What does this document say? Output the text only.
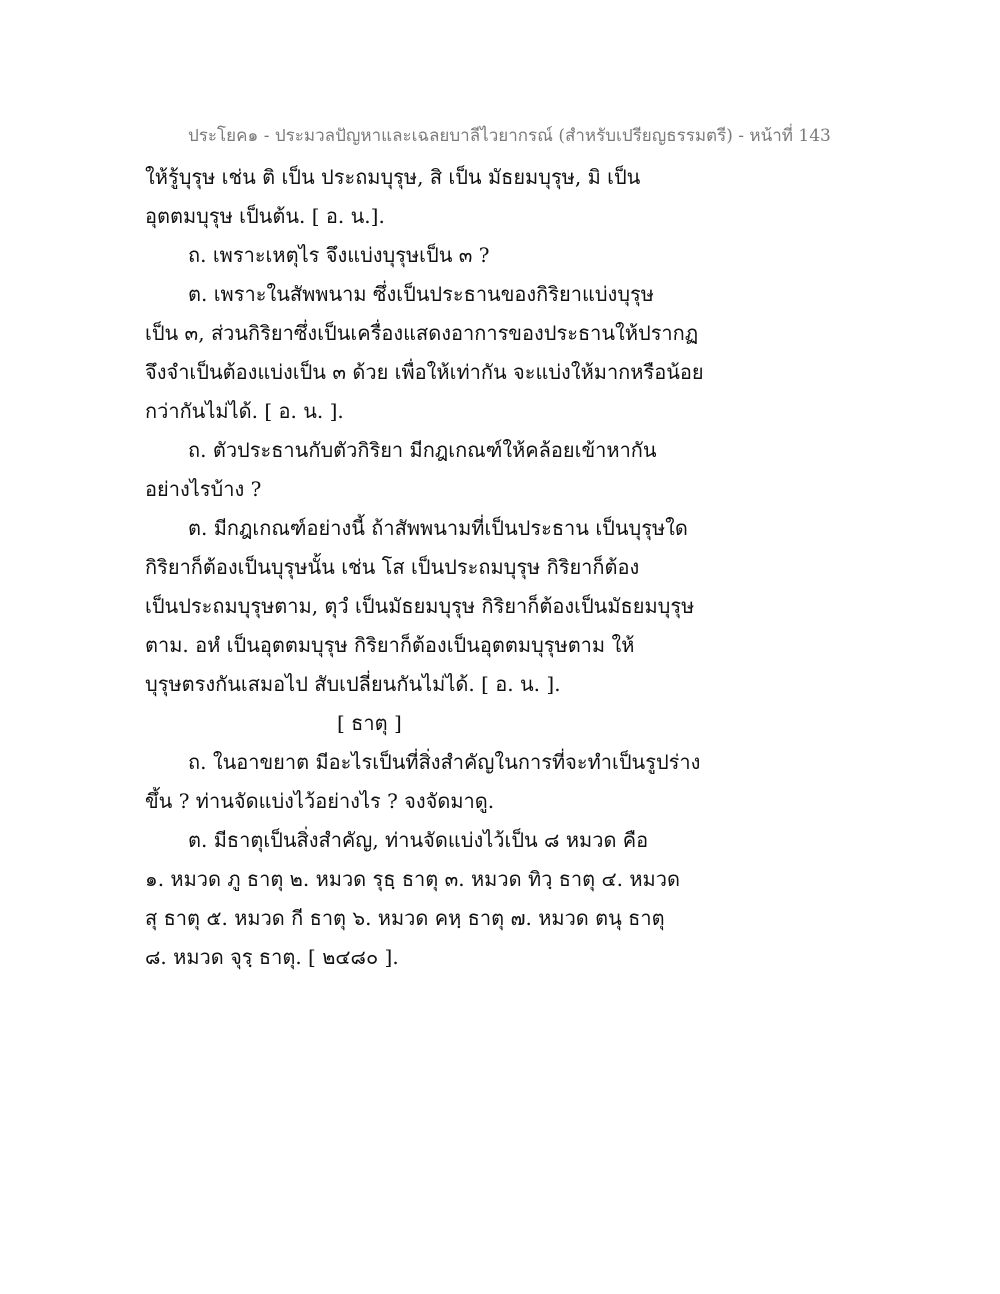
ประโยค๑ - ประมวลปัญหาและเฉลยบาลีไวยากรณ์ (สำหรับเปรียญธรรมตรี) - หน้าที่ 143
ให้รู้บุรุษ เช่น ติ เป็น ประถมบุรุษ, สิ เป็น มัธยมบุรุษ, มิ เป็น
อุตตมบุรุษ เป็นต้น. [ อ. น.].
ถ. เพราะเหตุไร จึงแบ่งบุรุษเป็น ๓ ?
ต. เพราะในสัพพนาม ซึ่งเป็นประธานของกิริยาแบ่งบุรุษ
เป็น ๓, ส่วนกิริยาซึ่งเป็นเครื่องแสดงอาการของประธานให้ปรากฏ
จึงจำเป็นต้องแบ่งเป็น ๓ ด้วย เพื่อให้เท่ากัน จะแบ่งให้มากหรือน้อย
กว่ากันไม่ได้. [ อ. น. ].
ถ. ตัวประธานกับตัวกิริยา มีกฎเกณฑ์ให้คล้อยเข้าหากัน
อย่างไรบ้าง ?
ต. มีกฎเกณฑ์อย่างนี้ ถ้าสัพพนามที่เป็นประธาน เป็นบุรุษใด
กิริยาก็ต้องเป็นบุรุษนั้น เช่น โส เป็นประถมบุรุษ กิริยาก็ต้อง
เป็นประถมบุรุษตาม, ตุวํ เป็นมัธยมบุรุษ กิริยาก็ต้องเป็นมัธยมบุรุษ
ตาม. อหํ เป็นอุตตมบุรุษ กิริยาก็ต้องเป็นอุตตมบุรุษตาม ให้
บุรุษตรงกันเสมอไป สับเปลี่ยนกันไม่ได้. [ อ. น. ].
[ ธาตุ ]
ถ. ในอาขยาต มีอะไรเป็นที่สิ่งสำคัญในการที่จะทำเป็นรูปร่าง
ขึ้น ? ท่านจัดแบ่งไว้อย่างไร ? จงจัดมาดู.
ต. มีธาตุเป็นสิ่งสำคัญ, ท่านจัดแบ่งไว้เป็น ๘ หมวด คือ
๑. หมวด ภู ธาตุ ๒. หมวด รุธฺ ธาตุ ๓. หมวด ทิวฺ ธาตุ ๔. หมวด
สุ ธาตุ ๕. หมวด กี ธาตุ ๖. หมวด คหฺ ธาตุ ๗. หมวด ตนุ ธาตุ
๘. หมวด จุรฺ ธาตุ. [ ๒๔๘๐ ].
